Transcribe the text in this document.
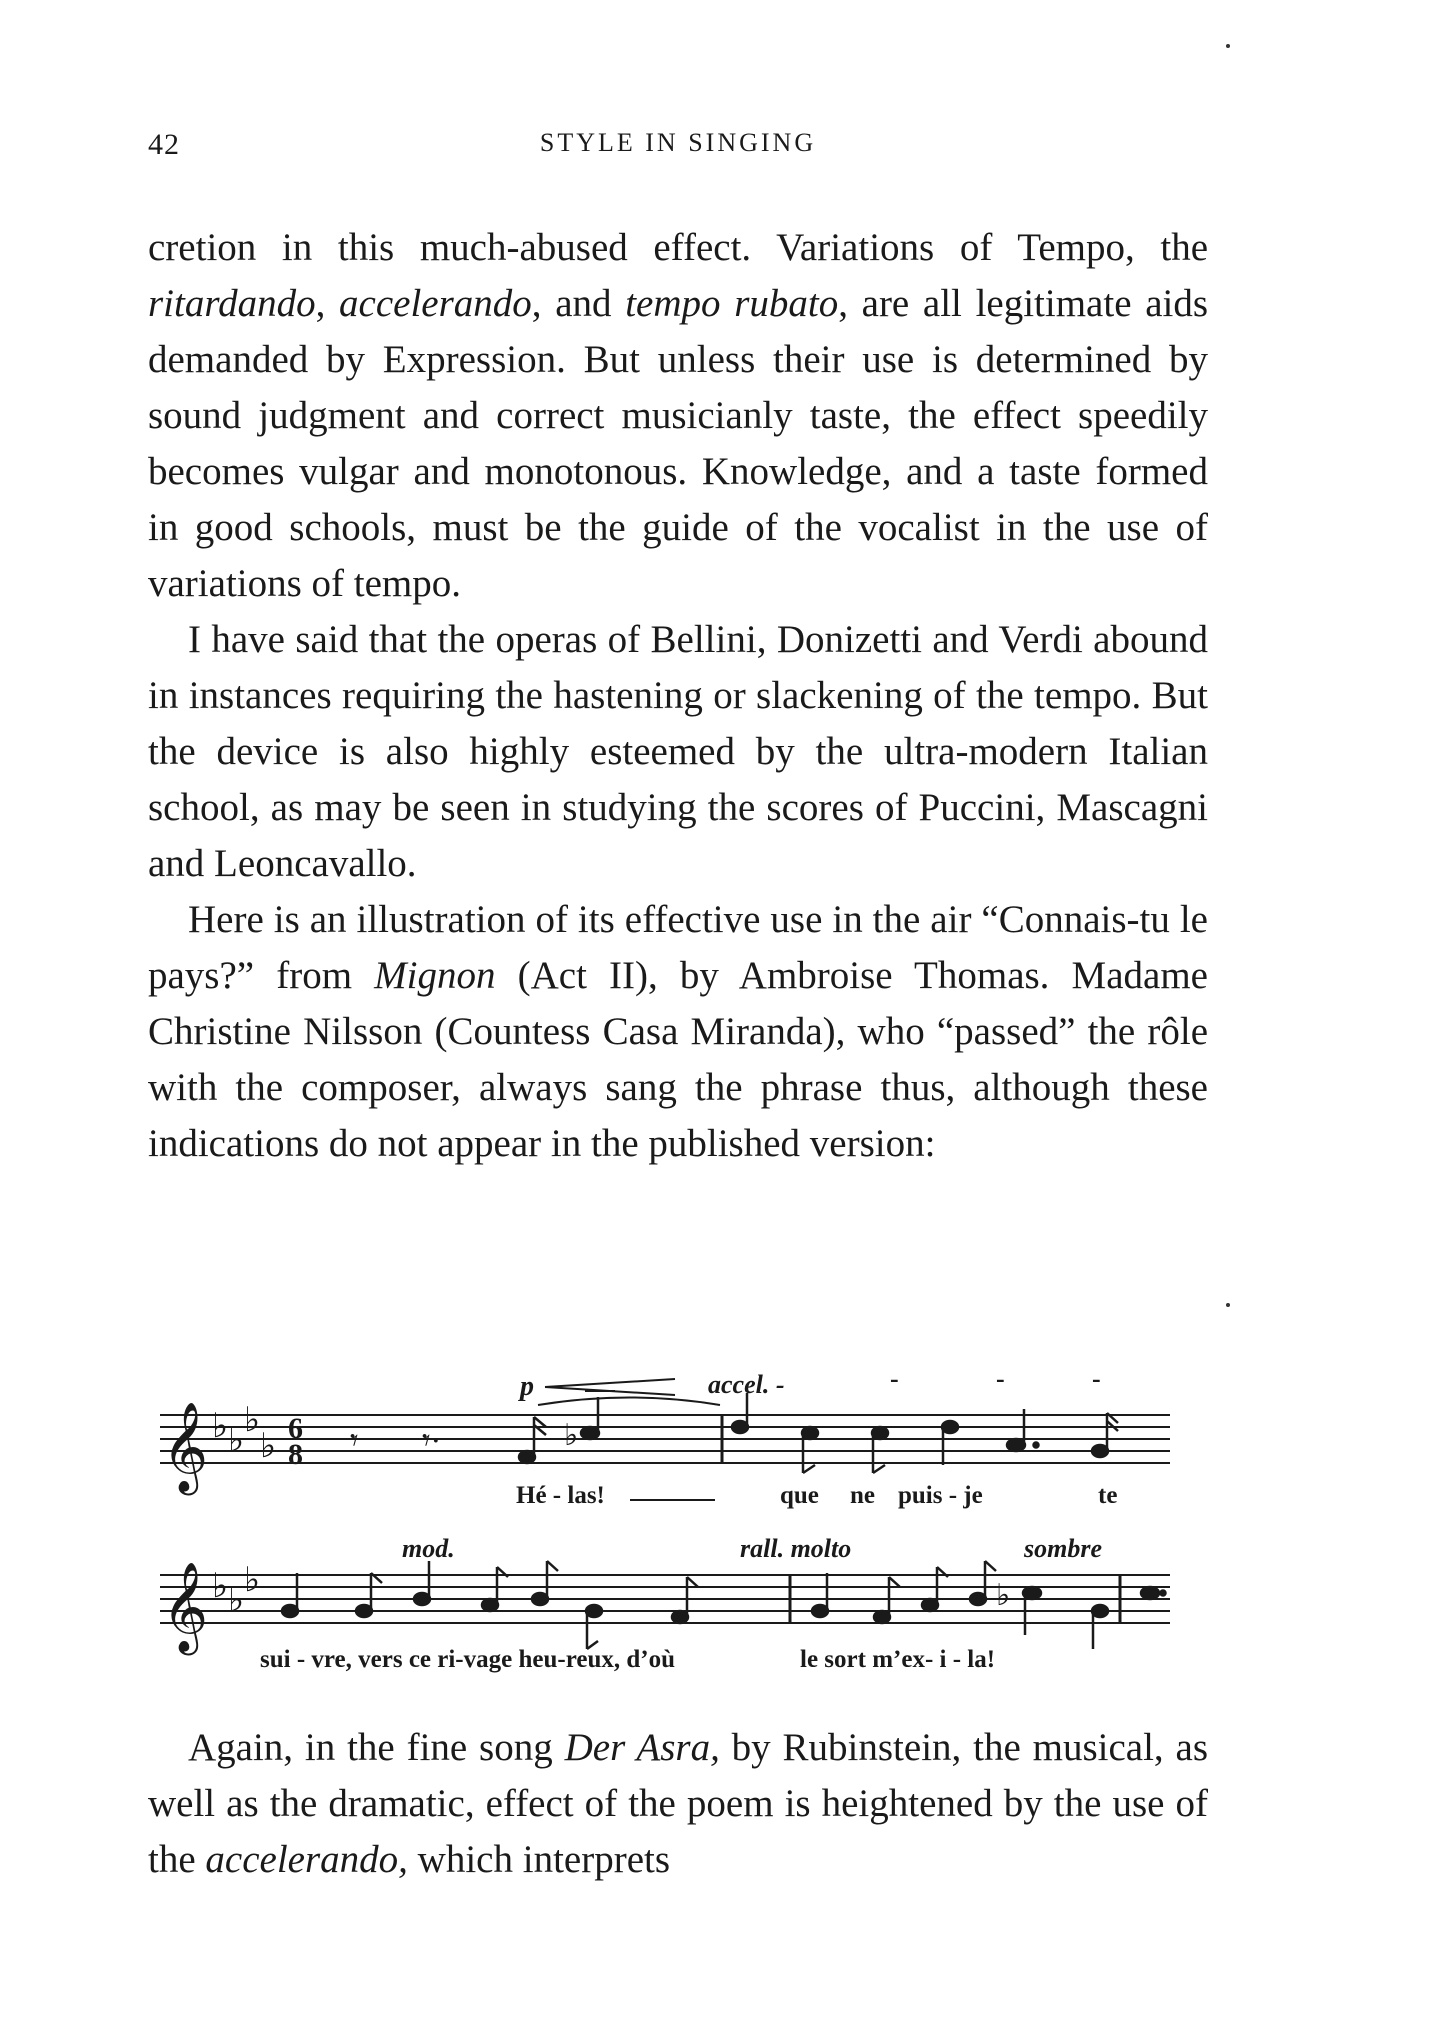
42	STYLE IN SINGING

cretion in this much-abused effect. Variations of Tempo, the ritardando, accelerando, and tempo rubato, are all legitimate aids demanded by Expression. But unless their use is determined by sound judgment and correct musicianly taste, the effect speedily becomes vulgar and monotonous. Knowledge, and a taste formed in good schools, must be the guide of the vocalist in the use of variations of tempo.

I have said that the operas of Bellini, Donizetti and Verdi abound in instances requiring the hastening or slackening of the tempo. But the device is also highly esteemed by the ultra-modern Italian school, as may be seen in studying the scores of Puccini, Mascagni and Leoncavallo.

Here is an illustration of its effective use in the air “Connais-tu le pays?” from Mignon (Act II), by Ambroise Thomas. Madame Christine Nilsson (Countess Casa Miranda), who “passed” the rôle with the composer, always sang the phrase thus, although these indications do not appear in the published version:

𝄞 ♭ ♭
♭
♭ 6
8 𝄾 𝄾·	♭
p	accel. -	-	-	-
Hé - las!	que ne puis - je	te
𝄞 ♭ ♭
♭	♭
mod.	rall. molto	sombre
sui - vre, vers ce ri-vage heu-reux, d’où	le sort m’ex- i - la!

Again, in the fine song Der Asra, by Rubinstein, the musical, as well as the dramatic, effect of the poem is heightened by the use of the accelerando, which interprets
